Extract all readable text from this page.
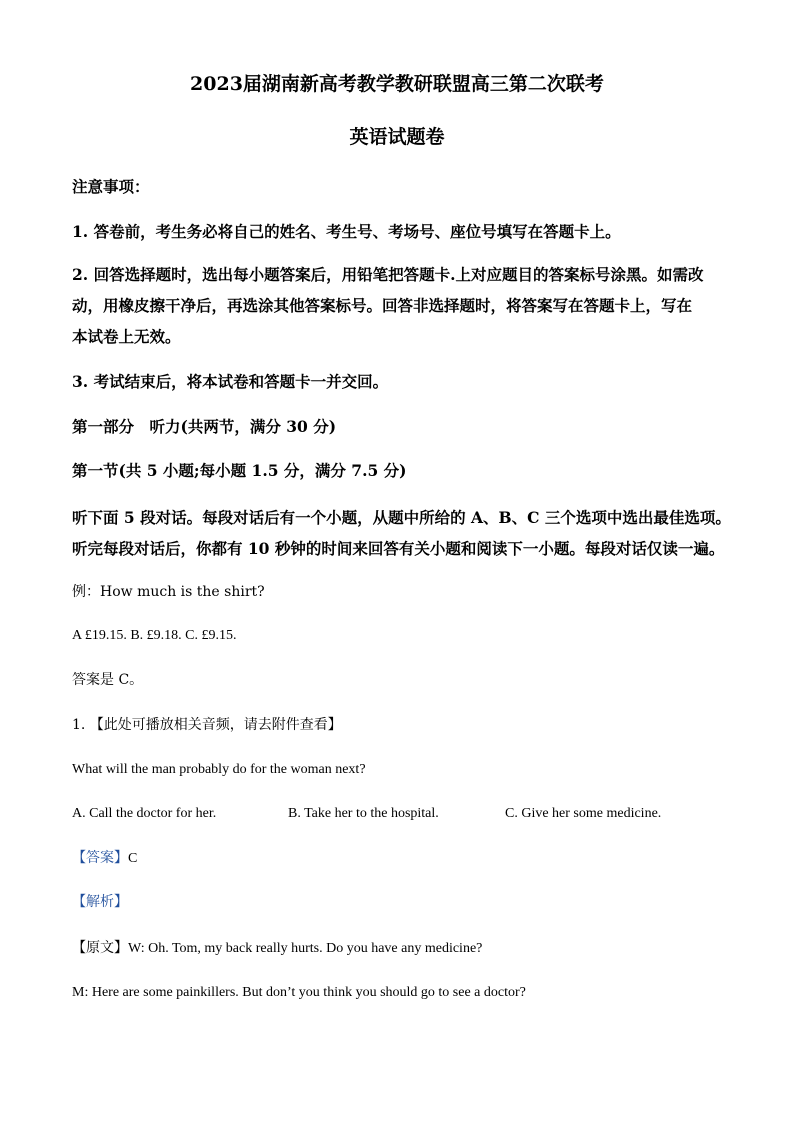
2023届湖南新高考教学教研联盟高三第二次联考
英语试题卷
注意事项：
1. 答卷前，考生务必将自己的姓名、考生号、考场号、座位号填写在答题卡上。
2. 回答选择题时，选出每小题答案后，用铅笔把答题卡.上对应题目的答案标号涂黑。如需改
动，用橡皮擦干净后，再选涂其他答案标号。回答非选择题时，将答案写在答题卡上，写在
本试卷上无效。
3. 考试结束后，将本试卷和答题卡一并交回。
第一部分　听力(共两节，满分 30 分)
第一节(共 5 小题;每小题 1.5 分，满分 7.5 分)
听下面 5 段对话。每段对话后有一个小题，从题中所给的 A、B、C 三个选项中选出最佳选项。
听完每段对话后，你都有 10 秒钟的时间来回答有关小题和阅读下一小题。每段对话仅读一遍。
例：How much is the shirt?
A £19.15. B. £9.18. C. £9.15.
答案是 C。
1. 【此处可播放相关音频，请去附件查看】
What will the man probably do for the woman next?
A. Call the doctor for her.	B. Take her to the hospital.	C. Give her some medicine.
【答案】C
【解析】
【原文】W: Oh. Tom, my back really hurts. Do you have any medicine?
M: Here are some painkillers. But don’t you think you should go to see a doctor?
